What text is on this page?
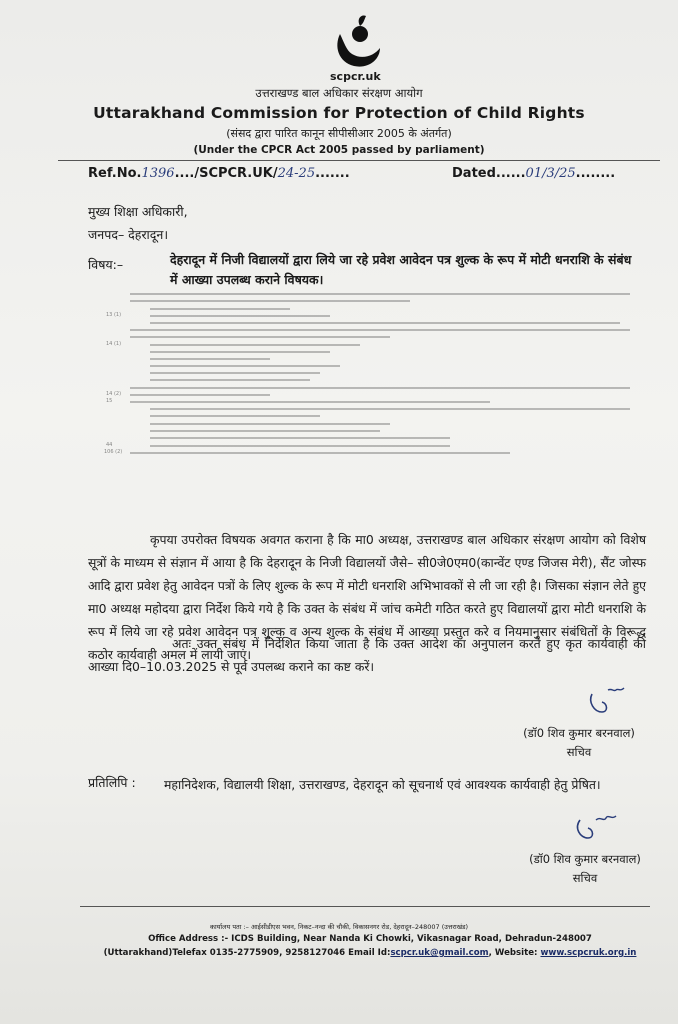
scpcr.uk
उत्तराखण्ड बाल अधिकार संरक्षण आयोग
Uttarakhand Commission for Protection of Child Rights
(संसद द्वारा पारित कानून सीपीसीआर 2005 के अंतर्गत)
(Under the CPCR Act 2005 passed by parliament)
Ref.No.1396..../SCPCR.UK/24-25.......	Dated......01/3/25........
मुख्य शिक्षा अधिकारी,
जनपद– देहरादून।
विषय:–	देहरादून में निजी विद्यालयों द्वारा लिये जा रहे प्रवेश आवेदन पत्र शुल्क के रूप में मोटी धनराशि के संबंध में आख्या उपलब्ध कराने विषयक।
13 (1)
14 (1)
14 (2)
15
44
106 (2)
कृपया उपरोक्त विषयक अवगत कराना है कि मा0 अध्यक्ष, उत्तराखण्ड बाल अधिकार संरक्षण आयोग को विशेष सूत्रों के माध्यम से संज्ञान में आया है कि देहरादून के निजी विद्यालयों जैसे– सी0जे0एम0(कान्वेंट एण्ड जिजस मेरी), सैंट जोस्फ आदि द्वारा प्रवेश हेतु आवेदन पत्रों के लिए शुल्क के रूप में मोटी धनराशि अभिभावकों से ली जा रही है। जिसका संज्ञान लेते हुए मा0 अध्यक्ष महोदया द्वारा निर्देश किये गये है कि उक्त के संबंध में जांच कमेटी गठित करते हुए विद्यालयों द्वारा मोटी धनराशि के रूप में लिये जा रहे प्रवेश आवेदन पत्र शुल्क व अन्य शुल्क के संबंध में आख्या प्रस्तुत करे व नियमानुसार संबंधितों के विरूद्ध कठोर कार्यवाही अमल में लायी जाएं।
अतः उक्त संबंध में निर्देशित किया जाता है कि उक्त आदेश का अनुपालन करते हुए कृत कार्यवाही की आख्या दि0–10.03.2025 से पूर्व उपलब्ध कराने का कष्ट करें।
(डॉ0 शिव कुमार बरनवाल)
सचिव
प्रतिलिपि : महानिदेशक, विद्यालयी शिक्षा, उत्तराखण्ड, देहरादून को सूचनार्थ एवं आवश्यक कार्यवाही हेतु प्रेषित।
(डॉ0 शिव कुमार बरनवाल)
सचिव
कार्यालय पता :– आईसीडीएस भवन, निकट–नन्दा की चौकी, विकासनगर रोड, देहरादून–248007 (उत्तराखंड)
Office Address :- ICDS Building, Near Nanda Ki Chowki, Vikasnagar Road, Dehradun-248007 (Uttarakhand)Telefax 0135-2775909, 9258127046 Email Id:scpcr.uk@gmail.com, Website: www.scpcruk.org.in
